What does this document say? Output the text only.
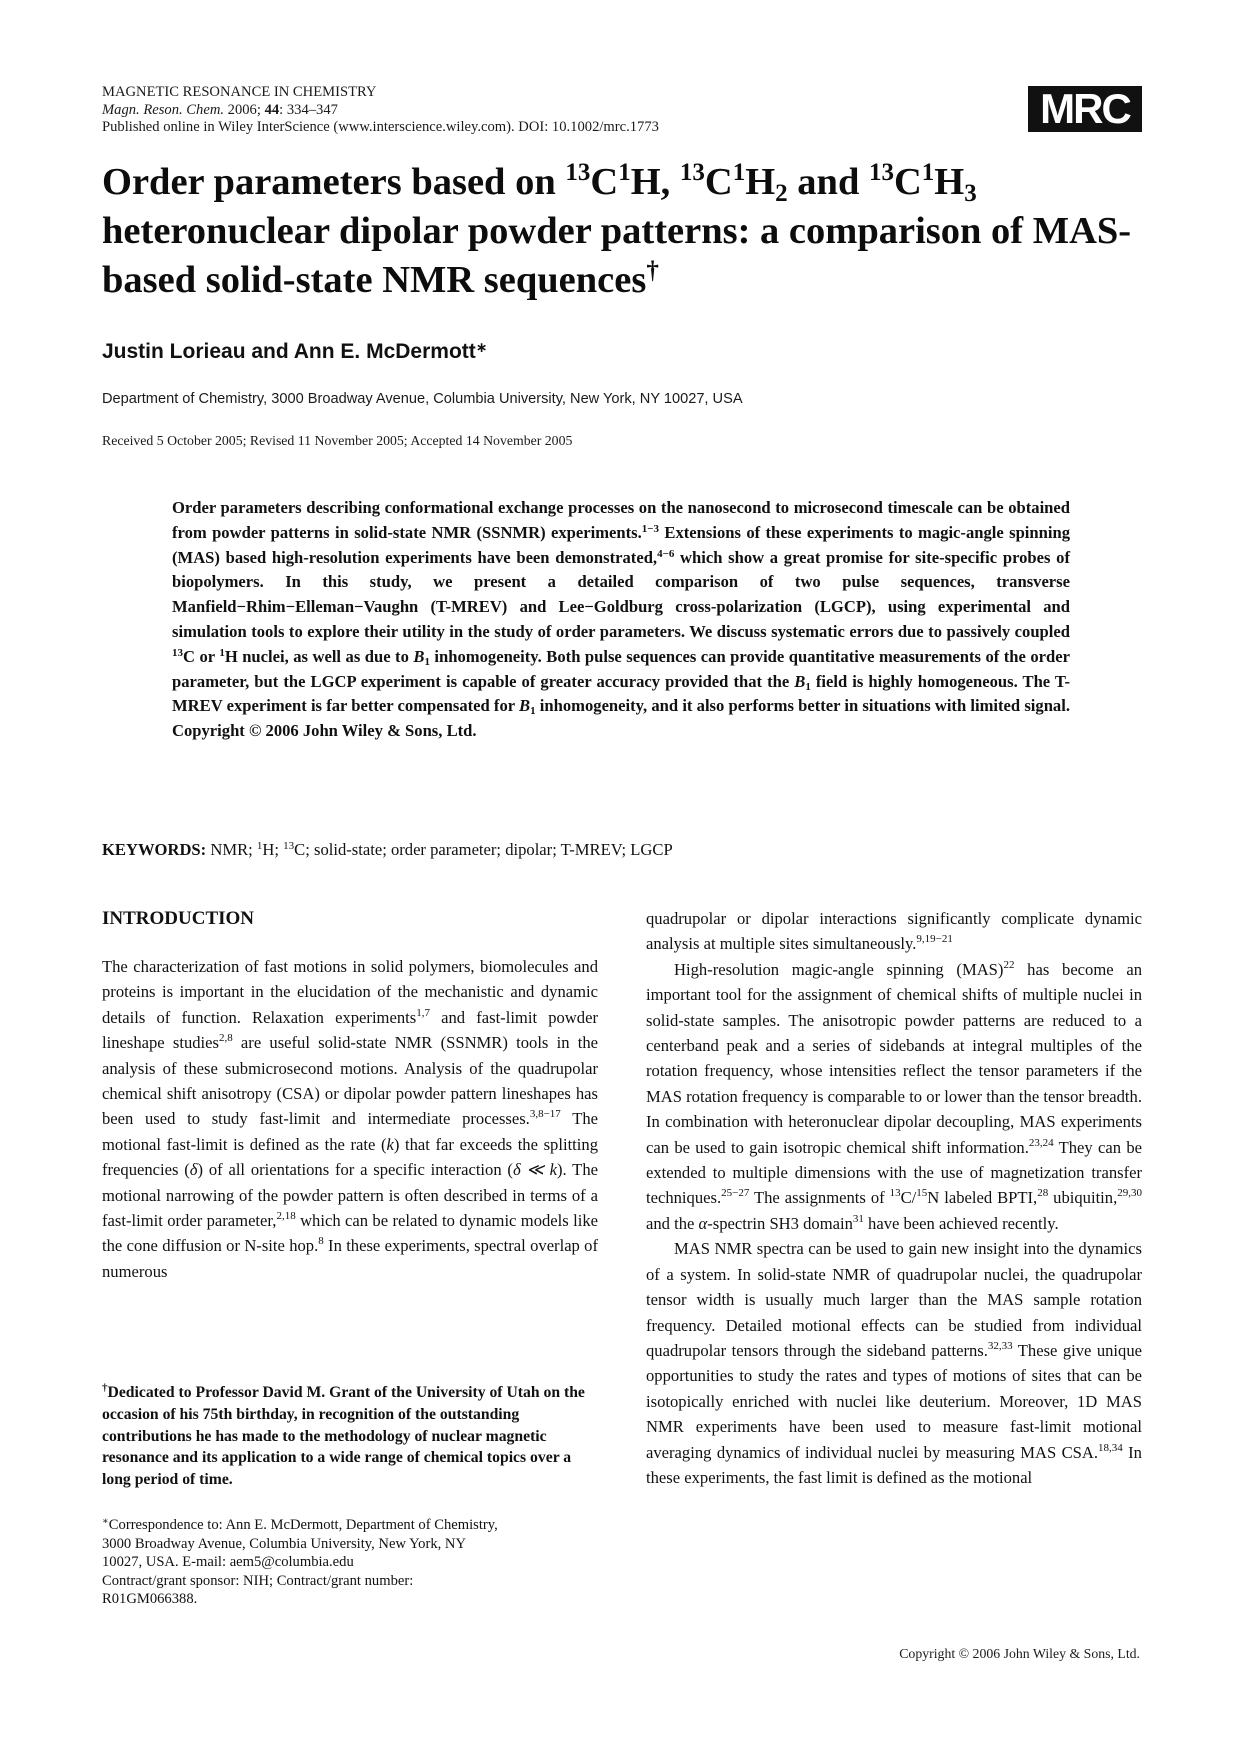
MAGNETIC RESONANCE IN CHEMISTRY
Magn. Reson. Chem. 2006; 44: 334–347
Published online in Wiley InterScience (www.interscience.wiley.com). DOI: 10.1002/mrc.1773	MRC
Order parameters based on $^{13}C^1H$, $^{13}C^1H_2$ and $^{13}C^1H_3$ heteronuclear dipolar powder patterns: a comparison of MAS-based solid-state NMR sequences†
Justin Lorieau and Ann E. McDermott∗
Department of Chemistry, 3000 Broadway Avenue, Columbia University, New York, NY 10027, USA
Received 5 October 2005; Revised 11 November 2005; Accepted 14 November 2005

Order parameters describing conformational exchange processes on the nanosecond to microsecond timescale can be obtained from powder patterns in solid-state NMR (SSNMR) experiments.$^{1-3}$ Extensions of these experiments to magic-angle spinning (MAS) based high-resolution experiments have been demonstrated,$^{4-6}$ which show a great promise for site-specific probes of biopolymers. In this study, we present a detailed comparison of two pulse sequences, transverse Manfield−Rhim−Elleman−Vaughn (T-MREV) and Lee−Goldburg cross-polarization (LGCP), using experimental and simulation tools to explore their utility in the study of order parameters. We discuss systematic errors due to passively coupled $^{13}$C or $^1$H nuclei, as well as due to $B_1$ inhomogeneity. Both pulse sequences can provide quantitative measurements of the order parameter, but the LGCP experiment is capable of greater accuracy provided that the $B_1$ field is highly homogeneous. The T-MREV experiment is far better compensated for $B_1$ inhomogeneity, and it also performs better in situations with limited signal. Copyright © 2006 John Wiley & Sons, Ltd.

KEYWORDS: NMR; $^1$H; $^{13}$C; solid-state; order parameter; dipolar; T-MREV; LGCP
INTRODUCTION

The characterization of fast motions in solid polymers, biomolecules and proteins is important in the elucidation of the mechanistic and dynamic details of function. Relaxation experiments$^{1,7}$ and fast-limit powder lineshape studies$^{2,8}$ are useful solid-state NMR (SSNMR) tools in the analysis of these submicrosecond motions. Analysis of the quadrupolar chemical shift anisotropy (CSA) or dipolar powder pattern lineshapes has been used to study fast-limit and intermediate processes.$^{3,8-17}$ The motional fast-limit is defined as the rate (k) that far exceeds the splitting frequencies (δ) of all orientations for a specific interaction (δ ≪ k). The motional narrowing of the powder pattern is often described in terms of a fast-limit order parameter,$^{2,18}$ which can be related to dynamic models like the cone diffusion or N-site hop.$^8$ In these experiments, spectral overlap of numerous

quadrupolar or dipolar interactions significantly complicate dynamic analysis at multiple sites simultaneously.$^{9,19-21}$

High-resolution magic-angle spinning (MAS)$^{22}$ has become an important tool for the assignment of chemical shifts of multiple nuclei in solid-state samples. The anisotropic powder patterns are reduced to a centerband peak and a series of sidebands at integral multiples of the rotation frequency, whose intensities reflect the tensor parameters if the MAS rotation frequency is comparable to or lower than the tensor breadth. In combination with heteronuclear dipolar decoupling, MAS experiments can be used to gain isotropic chemical shift information.$^{23,24}$ They can be extended to multiple dimensions with the use of magnetization transfer techniques.$^{25-27}$ The assignments of $^{13}$C/$^{15}$N labeled BPTI,$^{28}$ ubiquitin,$^{29,30}$ and the α-spectrin SH3 domain$^{31}$ have been achieved recently.

MAS NMR spectra can be used to gain new insight into the dynamics of a system. In solid-state NMR of quadrupolar nuclei, the quadrupolar tensor width is usually much larger than the MAS sample rotation frequency. Detailed motional effects can be studied from individual quadrupolar tensors through the sideband patterns.$^{32,33}$ These give unique opportunities to study the rates and types of motions of sites that can be isotopically enriched with nuclei like deuterium. Moreover, 1D MAS NMR experiments have been used to measure fast-limit motional averaging dynamics of individual nuclei by measuring MAS CSA.$^{18,34}$ In these experiments, the fast limit is defined as the motional

†Dedicated to Professor David M. Grant of the University of Utah on the occasion of his 75th birthday, in recognition of the outstanding contributions he has made to the methodology of nuclear magnetic resonance and its application to a wide range of chemical topics over a long period of time.

∗Correspondence to: Ann E. McDermott, Department of Chemistry,
3000 Broadway Avenue, Columbia University, New York, NY
10027, USA. E-mail: aem5@columbia.edu
Contract/grant sponsor: NIH; Contract/grant number:
R01GM066388.

Copyright © 2006 John Wiley & Sons, Ltd.
